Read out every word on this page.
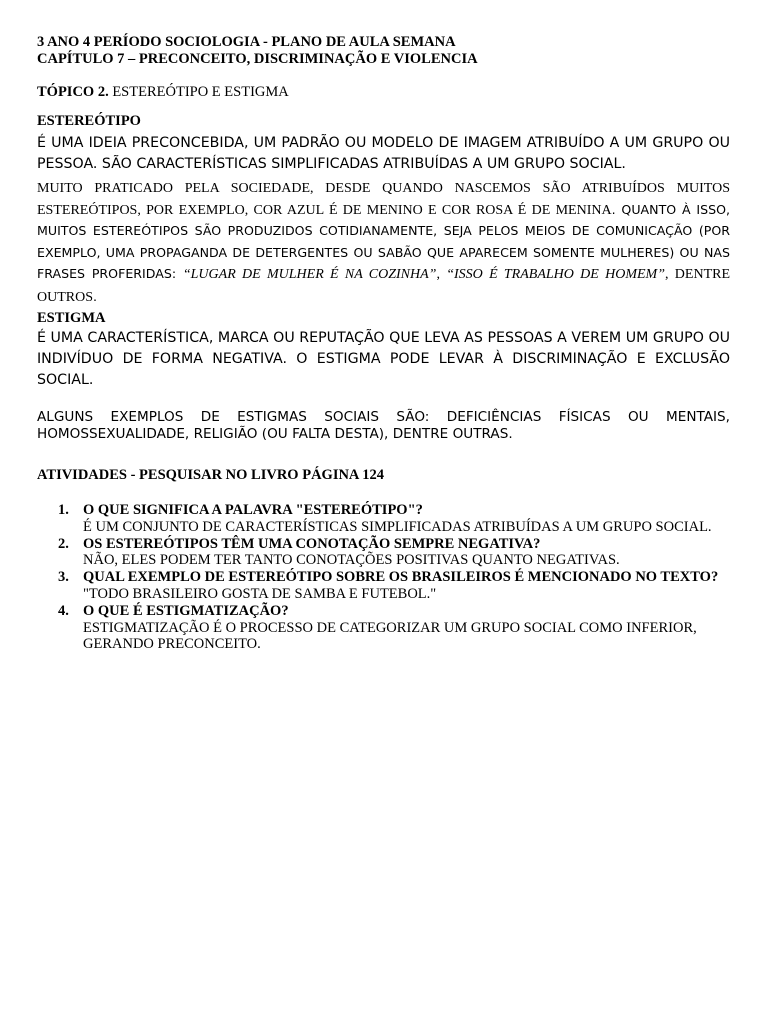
3 ANO 4 PERÍODO SOCIOLOGIA - PLANO DE AULA SEMANA
CAPÍTULO 7 – PRECONCEITO, DISCRIMINAÇÃO E VIOLENCIA
TÓPICO 2. ESTEREÓTIPO E ESTIGMA
ESTEREÓTIPO
É UMA IDEIA PRECONCEBIDA, UM PADRÃO OU MODELO DE IMAGEM ATRIBUÍDO A UM GRUPO OU PESSOA. SÃO CARACTERÍSTICAS SIMPLIFICADAS ATRIBUÍDAS A UM GRUPO SOCIAL.
MUITO PRATICADO PELA SOCIEDADE, DESDE QUANDO NASCEMOS SÃO ATRIBUÍDOS MUITOS ESTEREÓTIPOS, POR EXEMPLO, COR AZUL É DE MENINO E COR ROSA É DE MENINA. QUANTO À ISSO, MUITOS ESTEREÓTIPOS SÃO PRODUZIDOS COTIDIANAMENTE, SEJA PELOS MEIOS DE COMUNICAÇÃO (POR EXEMPLO, UMA PROPAGANDA DE DETERGENTES OU SABÃO QUE APARECEM SOMENTE MULHERES) OU NAS FRASES PROFERIDAS: “LUGAR DE MULHER É NA COZINHA”, “ISSO É TRABALHO DE HOMEM”, DENTRE OUTROS.
ESTIGMA
É UMA CARACTERÍSTICA, MARCA OU REPUTAÇÃO QUE LEVA AS PESSOAS A VEREM UM GRUPO OU INDIVÍDUO DE FORMA NEGATIVA. O ESTIGMA PODE LEVAR À DISCRIMINAÇÃO E EXCLUSÃO SOCIAL.
ALGUNS EXEMPLOS DE ESTIGMAS SOCIAIS SÃO: DEFICIÊNCIAS FÍSICAS OU MENTAIS, HOMOSSEXUALIDADE, RELIGIÃO (OU FALTA DESTA), DENTRE OUTRAS.
ATIVIDADES - PESQUISAR NO LIVRO PÁGINA 124
1. O QUE SIGNIFICA A PALAVRA "ESTEREÓTIPO"?
É UM CONJUNTO DE CARACTERÍSTICAS SIMPLIFICADAS ATRIBUÍDAS A UM GRUPO SOCIAL.
2. OS ESTEREÓTIPOS TÊM UMA CONOTAÇÃO SEMPRE NEGATIVA?
NÃO, ELES PODEM TER TANTO CONOTAÇÕES POSITIVAS QUANTO NEGATIVAS.
3. QUAL EXEMPLO DE ESTEREÓTIPO SOBRE OS BRASILEIROS É MENCIONADO NO TEXTO?
"TODO BRASILEIRO GOSTA DE SAMBA E FUTEBOL."
4. O QUE É ESTIGMATIZAÇÃO?
ESTIGMATIZAÇÃO É O PROCESSO DE CATEGORIZAR UM GRUPO SOCIAL COMO INFERIOR, GERANDO PRECONCEITO.
